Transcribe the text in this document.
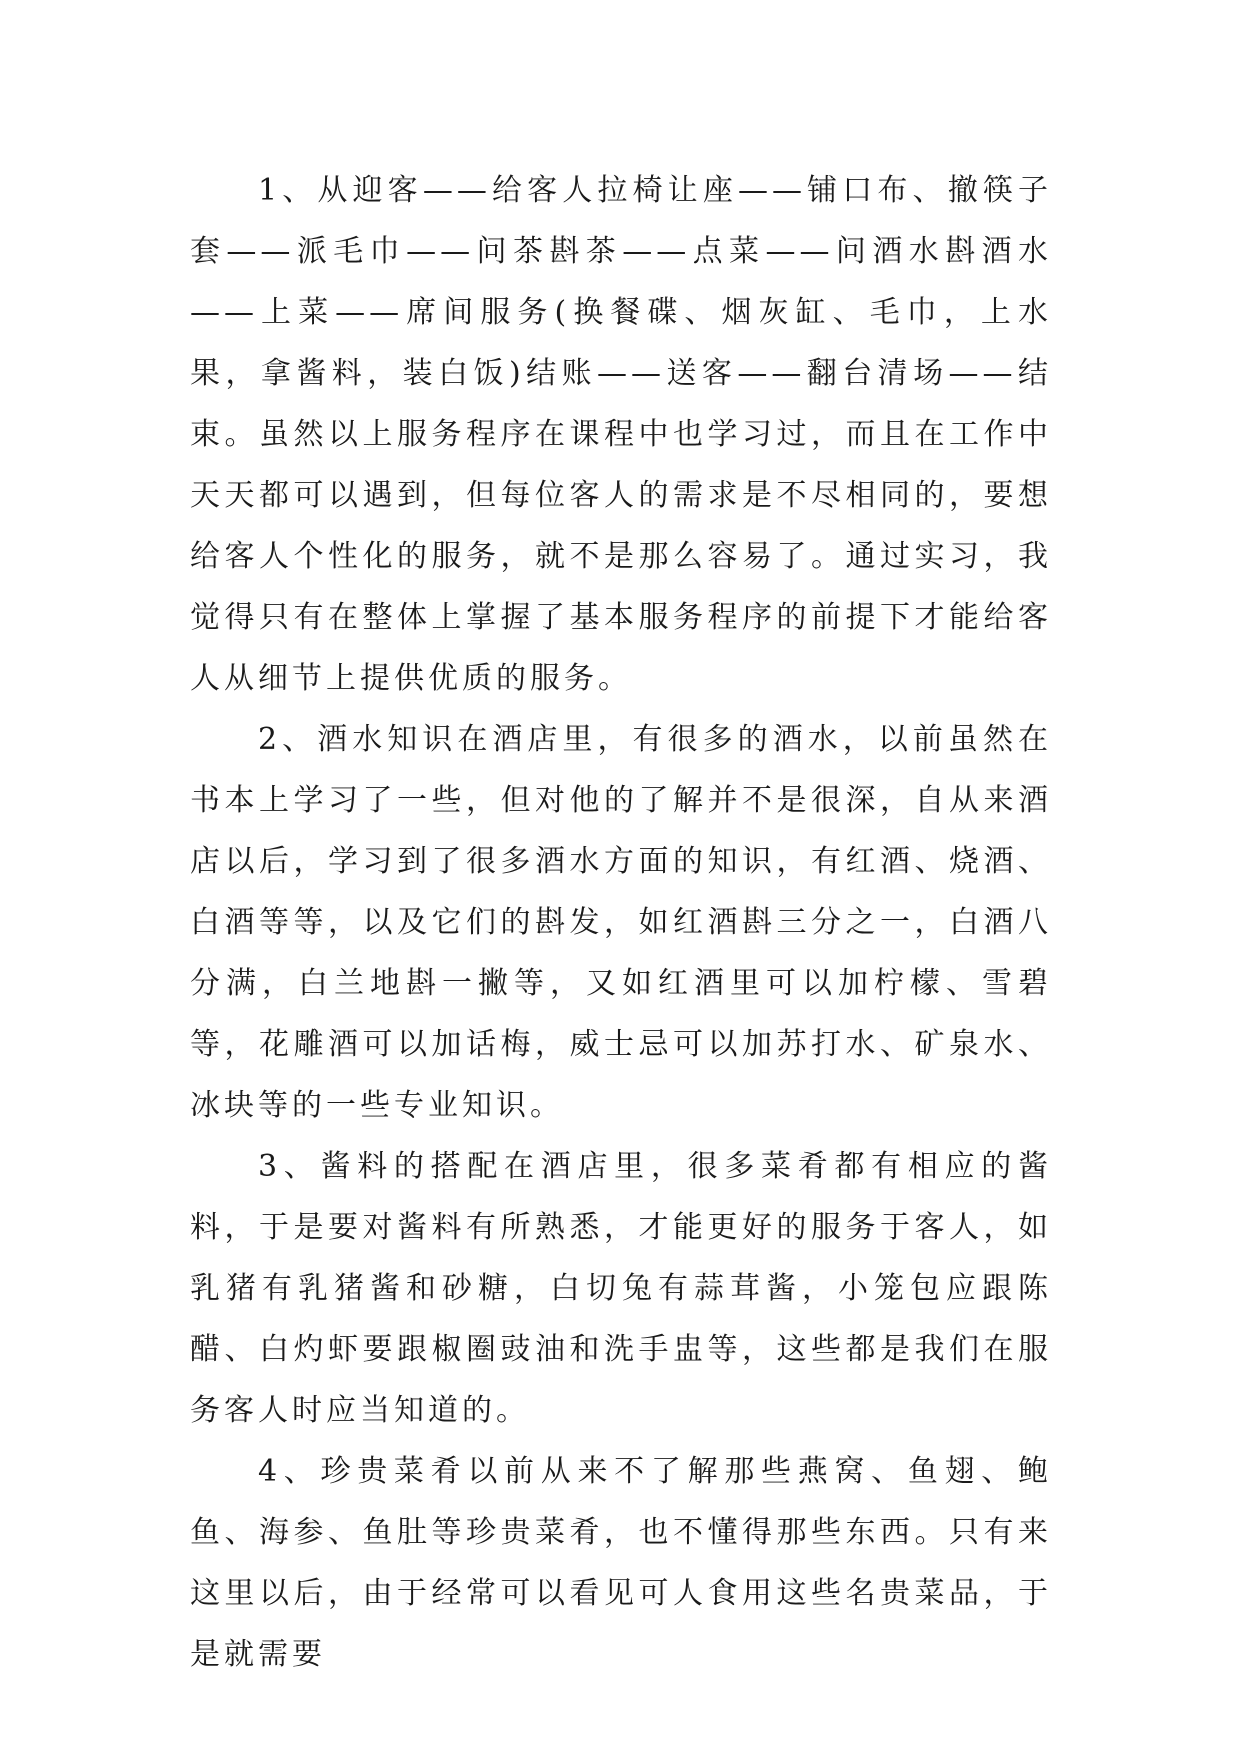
1、从迎客——给客人拉椅让座——铺口布、撤筷子套——派毛巾——问茶斟茶——点菜——问酒水斟酒水——上菜——席间服务(换餐碟、烟灰缸、毛巾，上水果，拿酱料，装白饭)结账——送客——翻台清场——结束。虽然以上服务程序在课程中也学习过，而且在工作中天天都可以遇到，但每位客人的需求是不尽相同的，要想给客人个性化的服务，就不是那么容易了。通过实习，我觉得只有在整体上掌握了基本服务程序的前提下才能给客人从细节上提供优质的服务。

2、酒水知识在酒店里，有很多的酒水，以前虽然在书本上学习了一些，但对他的了解并不是很深，自从来酒店以后，学习到了很多酒水方面的知识，有红酒、烧酒、白酒等等，以及它们的斟发，如红酒斟三分之一，白酒八分满，白兰地斟一撇等，又如红酒里可以加柠檬、雪碧等，花雕酒可以加话梅，威士忌可以加苏打水、矿泉水、冰块等的一些专业知识。

3、酱料的搭配在酒店里，很多菜肴都有相应的酱料，于是要对酱料有所熟悉，才能更好的服务于客人，如乳猪有乳猪酱和砂糖，白切兔有蒜茸酱，小笼包应跟陈醋、白灼虾要跟椒圈豉油和洗手盅等，这些都是我们在服务客人时应当知道的。

4、珍贵菜肴以前从来不了解那些燕窝、鱼翅、鲍鱼、海参、鱼肚等珍贵菜肴，也不懂得那些东西。只有来这里以后，由于经常可以看见可人食用这些名贵菜品，于是就需要
